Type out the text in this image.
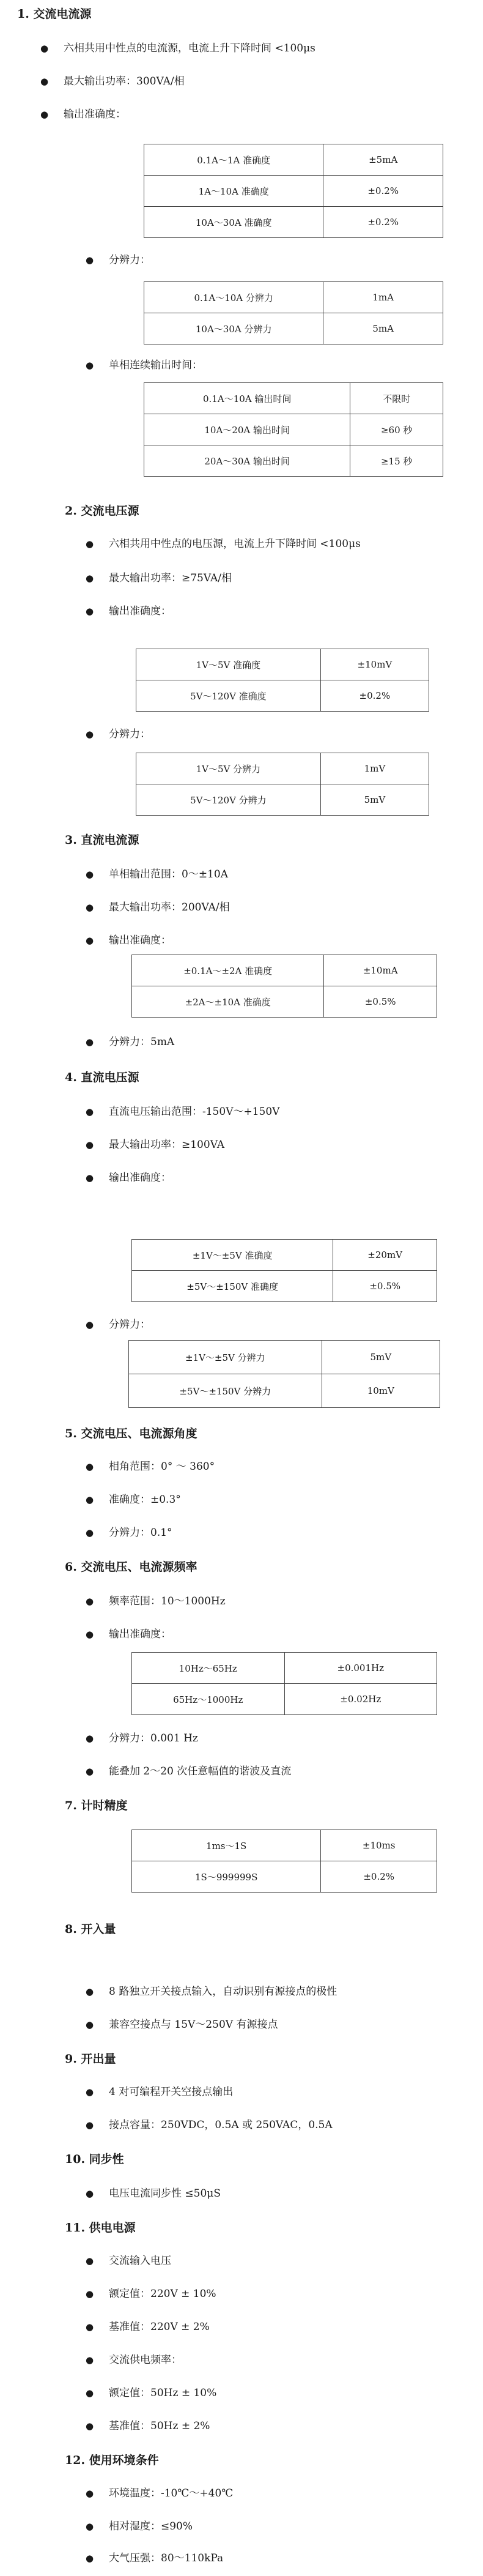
1. 交流电流源
● 六相共用中性点的电流源，电流上升下降时间 <100μs
● 最大输出功率：300VA/相
● 输出准确度：
0.1A～1A 准确度	±5mA
1A～10A 准确度	±0.2%
10A～30A 准确度	±0.2%
● 分辨力：
0.1A～10A 分辨力	1mA
10A～30A 分辨力	5mA
● 单相连续输出时间：
0.1A～10A 输出时间	不限时
10A～20A 输出时间	≥60 秒
20A～30A 输出时间	≥15 秒
2. 交流电压源
● 六相共用中性点的电压源，电流上升下降时间 <100μs
● 最大输出功率：≥75VA/相
● 输出准确度：
1V～5V 准确度	±10mV
5V～120V 准确度	±0.2%
● 分辨力：
1V～5V 分辨力	1mV
5V～120V 分辨力	5mV
3. 直流电流源
● 单相输出范围：0～±10A
● 最大输出功率：200VA/相
● 输出准确度：
±0.1A～±2A 准确度	±10mA
±2A～±10A 准确度	±0.5%
● 分辨力：5mA
4. 直流电压源
● 直流电压输出范围：-150V～+150V
● 最大输出功率：≥100VA
● 输出准确度：
±1V～±5V 准确度	±20mV
±5V～±150V 准确度	±0.5%
● 分辨力：
±1V～±5V 分辨力	5mV
±5V～±150V 分辨力	10mV
5. 交流电压、电流源角度
● 相角范围：0° ～ 360°
● 准确度：±0.3°
● 分辨力：0.1°
6. 交流电压、电流源频率
● 频率范围：10～1000Hz
● 输出准确度：
10Hz～65Hz	±0.001Hz
65Hz～1000Hz	±0.02Hz
● 分辨力：0.001 Hz
● 能叠加 2～20 次任意幅值的谐波及直流
7. 计时精度
1ms～1S	±10ms
1S～999999S	±0.2%
8. 开入量
● 8 路独立开关接点输入，自动识别有源接点的极性
● 兼容空接点与 15V～250V 有源接点
9. 开出量
● 4 对可编程开关空接点输出
● 接点容量：250VDC，0.5A 或 250VAC，0.5A
10. 同步性
● 电压电流同步性 ≤50μS
11. 供电电源
● 交流输入电压
● 额定值：220V ± 10%
● 基准值：220V ± 2%
● 交流供电频率：
● 额定值：50Hz ± 10%
● 基准值：50Hz ± 2%
12. 使用环境条件
● 环境温度：-10℃～+40℃
● 相对湿度：≤90%
● 大气压强：80～110kPa
